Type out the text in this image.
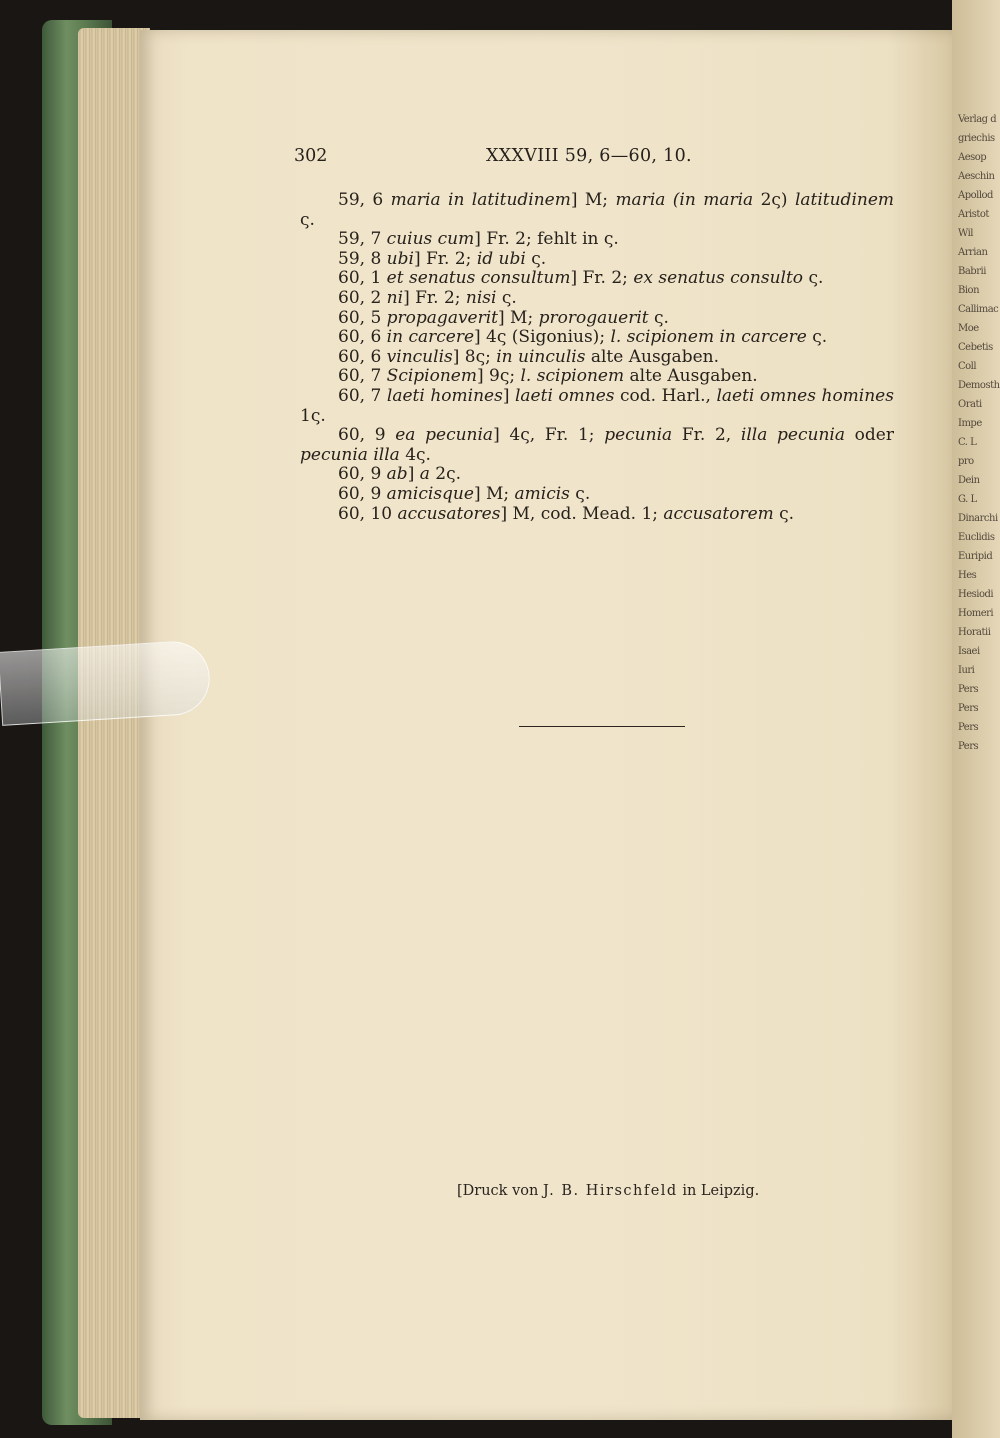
Verlag d
griechis
Aesop
Aeschin
Apollod
Aristot
Wil
Arrian
Babrii
Bion
Callimac
Moe
Cebetis
Coll
Demosth
Orati
Impe
C. L
pro
Dein
G. L
Dinarchi
Euclidis
Euripid
Hes
Hesiodi
Homeri
Horatii
Isaei
Iuri
Pers
Pers
Pers
Pers
302	XXXVIII 59, 6—60, 10.

59, 6 maria in latitudinem] M; maria (in maria 2ς) latitudinem ς.

59, 7 cuius cum] Fr. 2; fehlt in ς.

59, 8 ubi] Fr. 2; id ubi ς.

60, 1 et senatus consultum] Fr. 2; ex senatus consulto ς.

60, 2 ni] Fr. 2; nisi ς.

60, 5 propagaverit] M; prorogauerit ς.

60, 6 in carcere] 4ς (Sigonius); l. scipionem in carcere ς.

60, 6 vinculis] 8ς; in uinculis alte Ausgaben.

60, 7 Scipionem] 9ς; l. scipionem alte Ausgaben.

60, 7 laeti homines] laeti omnes cod. Harl., laeti omnes homines 1ς.

60, 9 ea pecunia] 4ς, Fr. 1; pecunia Fr. 2, illa pecunia oder pecunia illa 4ς.

60, 9 ab] a 2ς.

60, 9 amicisque] M; amicis ς.

60, 10 accusatores] M, cod. Mead. 1; accusatorem ς.

[Druck von J. B. Hirschfeld in Leipzig.
